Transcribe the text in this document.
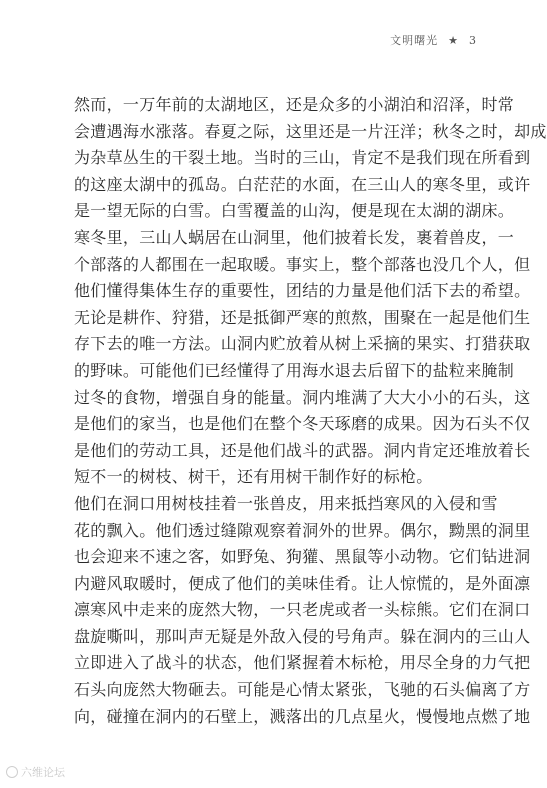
文明曙光 ★ 3

然而，一万年前的太湖地区，还是众多的小湖泊和沼泽，时常
会遭遇海水涨落。春夏之际，这里还是一片汪洋；秋冬之时，却成
为杂草丛生的干裂土地。当时的三山，肯定不是我们现在所看到
的这座太湖中的孤岛。白茫茫的水面，在三山人的寒冬里，或许
是一望无际的白雪。白雪覆盖的山沟，便是现在太湖的湖床。

寒冬里，三山人蜗居在山洞里，他们披着长发，裹着兽皮，一
个部落的人都围在一起取暖。事实上，整个部落也没几个人，但
他们懂得集体生存的重要性，团结的力量是他们活下去的希望。
无论是耕作、狩猎，还是抵御严寒的煎熬，围聚在一起是他们生
存下去的唯一方法。山洞内贮放着从树上采摘的果实、打猎获取
的野味。可能他们已经懂得了用海水退去后留下的盐粒来腌制
过冬的食物，增强自身的能量。洞内堆满了大大小小的石头，这
是他们的家当，也是他们在整个冬天琢磨的成果。因为石头不仅
是他们的劳动工具，还是他们战斗的武器。洞内肯定还堆放着长
短不一的树枝、树干，还有用树干制作好的标枪。

他们在洞口用树枝挂着一张兽皮，用来抵挡寒风的入侵和雪
花的飘入。他们透过缝隙观察着洞外的世界。偶尔，黝黑的洞里
也会迎来不速之客，如野兔、狗獾、黑鼠等小动物。它们钻进洞
内避风取暖时，便成了他们的美味佳肴。让人惊慌的，是外面凛
凛寒风中走来的庞然大物，一只老虎或者一头棕熊。它们在洞口
盘旋嘶叫，那叫声无疑是外敌入侵的号角声。躲在洞内的三山人
立即进入了战斗的状态，他们紧握着木标枪，用尽全身的力气把
石头向庞然大物砸去。可能是心情太紧张，飞驰的石头偏离了方
向，碰撞在洞内的石壁上，溅落出的几点星火，慢慢地点燃了地

六维论坛
